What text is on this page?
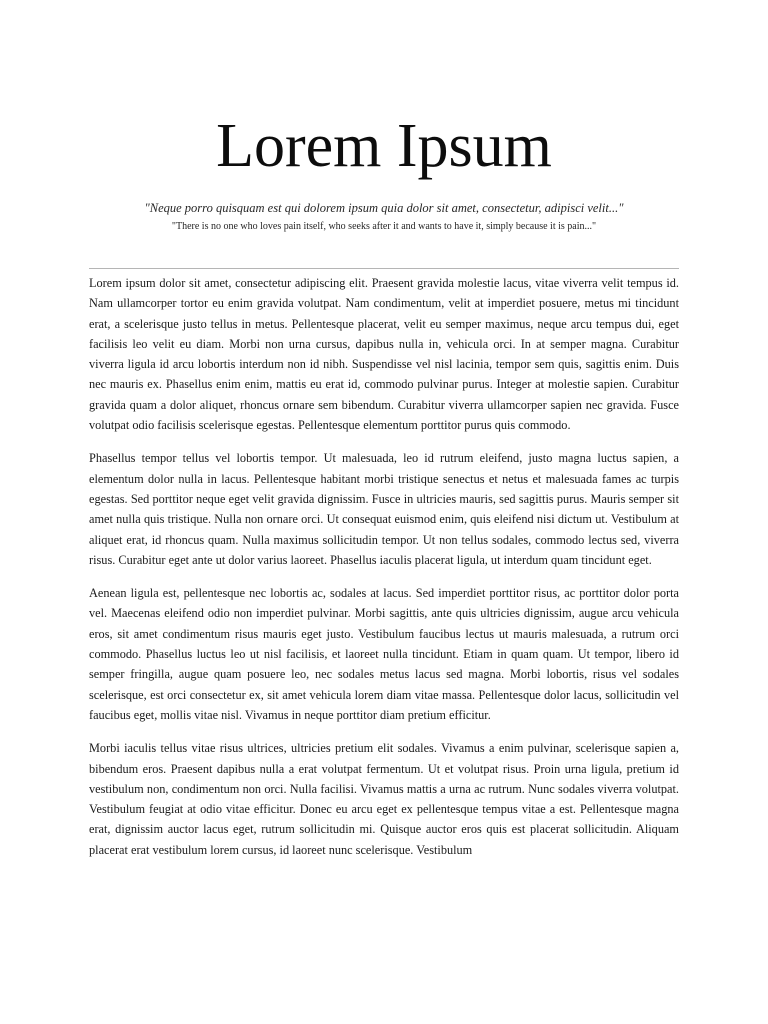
Lorem Ipsum
"Neque porro quisquam est qui dolorem ipsum quia dolor sit amet, consectetur, adipisci velit..."
"There is no one who loves pain itself, who seeks after it and wants to have it, simply because it is pain..."

Lorem ipsum dolor sit amet, consectetur adipiscing elit. Praesent gravida molestie lacus, vitae viverra velit tempus id. Nam ullamcorper tortor eu enim gravida volutpat. Nam condimentum, velit at imperdiet posuere, metus mi tincidunt erat, a scelerisque justo tellus in metus. Pellentesque placerat, velit eu semper maximus, neque arcu tempus dui, eget facilisis leo velit eu diam. Morbi non urna cursus, dapibus nulla in, vehicula orci. In at semper magna. Curabitur viverra ligula id arcu lobortis interdum non id nibh. Suspendisse vel nisl lacinia, tempor sem quis, sagittis enim. Duis nec mauris ex. Phasellus enim enim, mattis eu erat id, commodo pulvinar purus. Integer at molestie sapien. Curabitur gravida quam a dolor aliquet, rhoncus ornare sem bibendum. Curabitur viverra ullamcorper sapien nec gravida. Fusce volutpat odio facilisis scelerisque egestas. Pellentesque elementum porttitor purus quis commodo.

Phasellus tempor tellus vel lobortis tempor. Ut malesuada, leo id rutrum eleifend, justo magna luctus sapien, a elementum dolor nulla in lacus. Pellentesque habitant morbi tristique senectus et netus et malesuada fames ac turpis egestas. Sed porttitor neque eget velit gravida dignissim. Fusce in ultricies mauris, sed sagittis purus. Mauris semper sit amet nulla quis tristique. Nulla non ornare orci. Ut consequat euismod enim, quis eleifend nisi dictum ut. Vestibulum at aliquet erat, id rhoncus quam. Nulla maximus sollicitudin tempor. Ut non tellus sodales, commodo lectus sed, viverra risus. Curabitur eget ante ut dolor varius laoreet. Phasellus iaculis placerat ligula, ut interdum quam tincidunt eget.

Aenean ligula est, pellentesque nec lobortis ac, sodales at lacus. Sed imperdiet porttitor risus, ac porttitor dolor porta vel. Maecenas eleifend odio non imperdiet pulvinar. Morbi sagittis, ante quis ultricies dignissim, augue arcu vehicula eros, sit amet condimentum risus mauris eget justo. Vestibulum faucibus lectus ut mauris malesuada, a rutrum orci commodo. Phasellus luctus leo ut nisl facilisis, et laoreet nulla tincidunt. Etiam in quam quam. Ut tempor, libero id semper fringilla, augue quam posuere leo, nec sodales metus lacus sed magna. Morbi lobortis, risus vel sodales scelerisque, est orci consectetur ex, sit amet vehicula lorem diam vitae massa. Pellentesque dolor lacus, sollicitudin vel faucibus eget, mollis vitae nisl. Vivamus in neque porttitor diam pretium efficitur.

Morbi iaculis tellus vitae risus ultrices, ultricies pretium elit sodales. Vivamus a enim pulvinar, scelerisque sapien a, bibendum eros. Praesent dapibus nulla a erat volutpat fermentum. Ut et volutpat risus. Proin urna ligula, pretium id vestibulum non, condimentum non orci. Nulla facilisi. Vivamus mattis a urna ac rutrum. Nunc sodales viverra volutpat. Vestibulum feugiat at odio vitae efficitur. Donec eu arcu eget ex pellentesque tempus vitae a est. Pellentesque magna erat, dignissim auctor lacus eget, rutrum sollicitudin mi. Quisque auctor eros quis est placerat sollicitudin. Aliquam placerat erat vestibulum lorem cursus, id laoreet nunc scelerisque. Vestibulum
